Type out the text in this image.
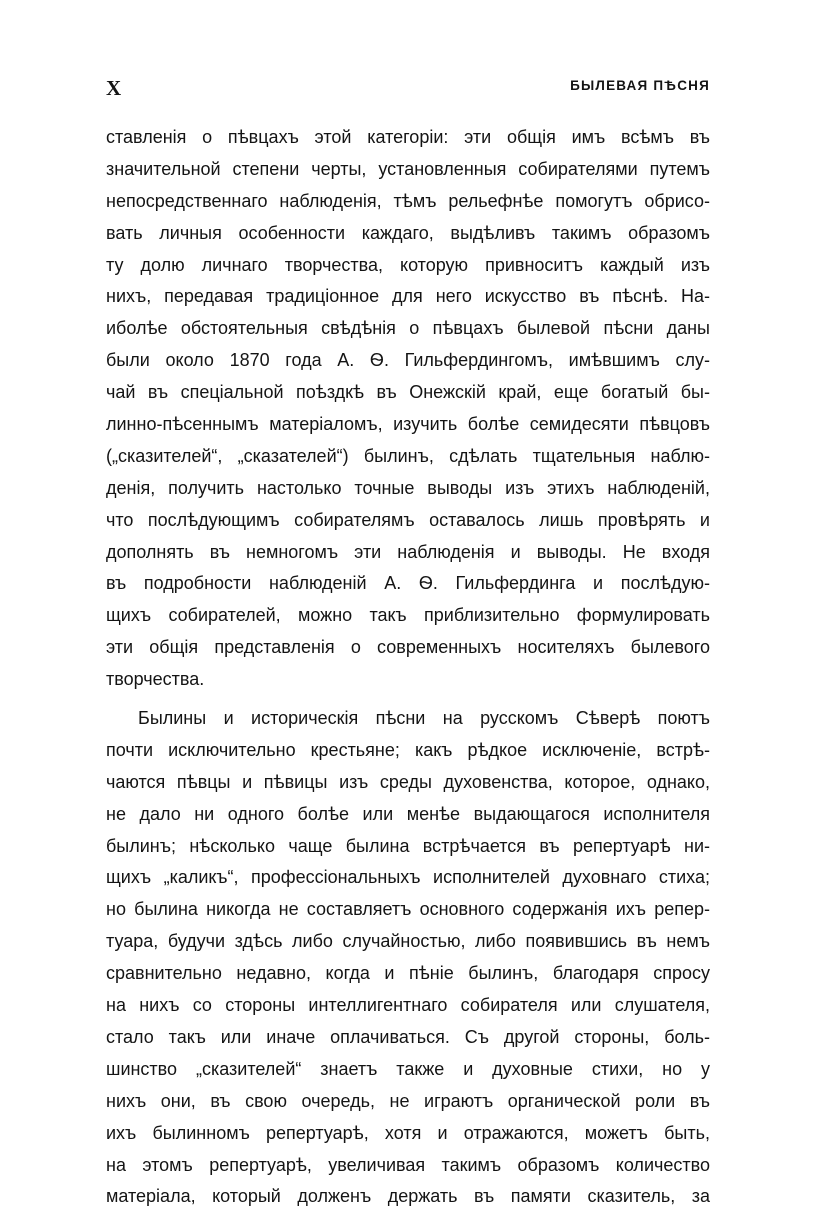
X	БЫЛЕВАЯ ПѢСНЯ
ставленія о пѣвцахъ этой категоріи: эти общія имъ всѣмъ въ
значительной степени черты, установленныя собирателями путемъ
непосредственнаго наблюденія, тѣмъ рельефнѣе помогутъ обрисо-
вать личныя особенности каждаго, выдѣливъ такимъ образомъ
ту долю личнаго творчества, которую привноситъ каждый изъ
нихъ, передавая традиціонное для него искусство въ пѣснѣ. На-
иболѣе обстоятельныя свѣдѣнія о пѣвцахъ былевой пѣсни даны
были около 1870 года А. Ѳ. Гильфердингомъ, имѣвшимъ слу-
чай въ спеціальной поѣздкѣ въ Онежскій край, еще богатый бы-
линно-пѣсеннымъ матеріаломъ, изучить болѣе семидесяти пѣвцовъ
(„сказителей“, „сказателей“) былинъ, сдѣлать тщательныя наблю-
денія, получить настолько точные выводы изъ этихъ наблюденій,
что послѣдующимъ собирателямъ оставалось лишь провѣрять и
дополнять въ немногомъ эти наблюденія и выводы. Не входя
въ подробности наблюденій А. Ѳ. Гильфердинга и послѣдую-
щихъ собирателей, можно такъ приблизительно формулировать
эти общія представленія о современныхъ носителяхъ былевого
творчества.
Былины и историческія пѣсни на русскомъ Сѣверѣ поютъ
почти исключительно крестьяне; какъ рѣдкое исключеніе, встрѣ-
чаются пѣвцы и пѣвицы изъ среды духовенства, которое, однако,
не дало ни одного болѣе или менѣе выдающагося исполнителя
былинъ; нѣсколько чаще былина встрѣчается въ репертуарѣ ни-
щихъ „каликъ“, профессіональныхъ исполнителей духовнаго стиха;
но былина никогда не составляетъ основного содержанія ихъ репер-
туара, будучи здѣсь либо случайностью, либо появившись въ немъ
сравнительно недавно, когда и пѣніе былинъ, благодаря спросу
на нихъ со стороны интеллигентнаго собирателя или слушателя,
стало такъ или иначе оплачиваться. Съ другой стороны, боль-
шинство „сказителей“ знаетъ также и духовные стихи, но у
нихъ они, въ свою очередь, не играютъ органической роли въ
ихъ былинномъ репертуарѣ, хотя и отражаются, можетъ быть,
на этомъ репертуарѣ, увеличивая такимъ образомъ количество
матеріала, который долженъ держать въ памяти сказитель, за
